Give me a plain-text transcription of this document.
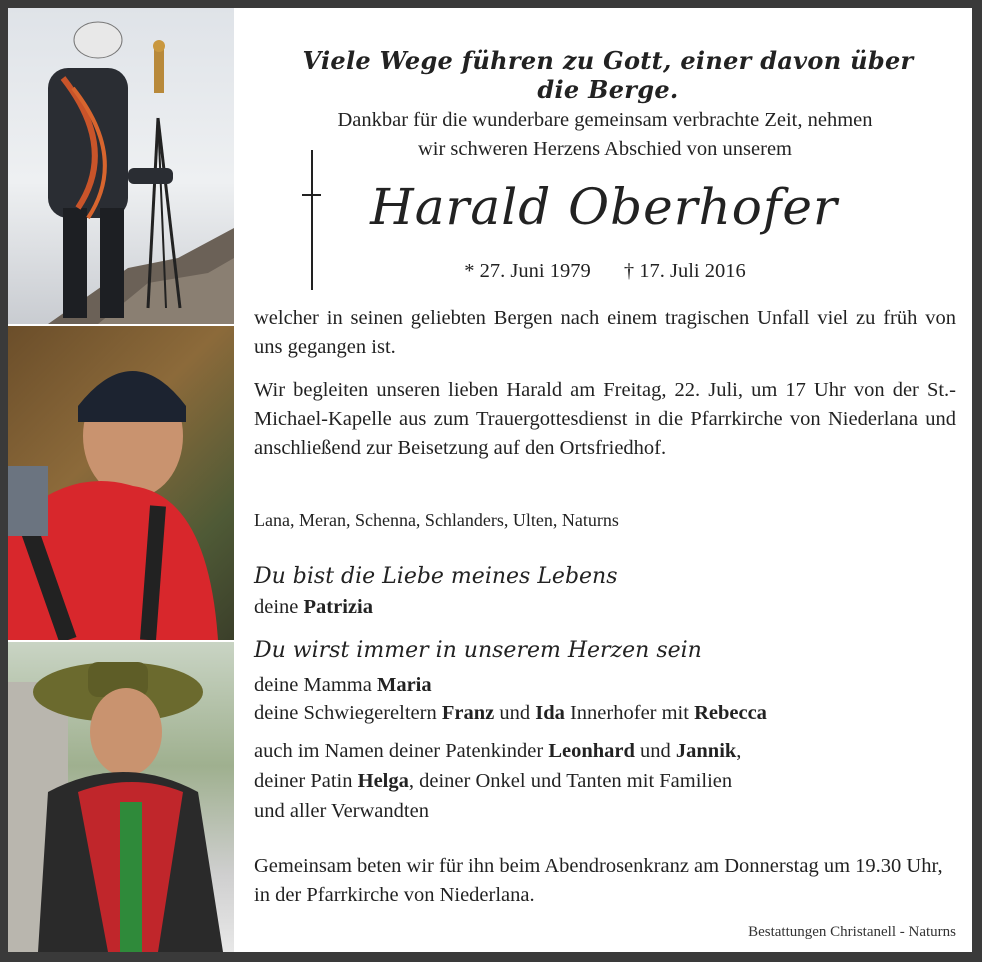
Viele Wege führen zu Gott, einer davon über die Berge.
Dankbar für die wunderbare gemeinsam verbrachte Zeit, nehmen
wir schweren Herzens Abschied von unserem
Harald Oberhofer
* 27. Juni 1979 † 17. Juli 2016
welcher in seinen geliebten Bergen nach einem tragischen Unfall viel zu früh von uns gegangen ist.
Wir begleiten unseren lieben Harald am Freitag, 22. Juli, um 17 Uhr von der St.-Michael-Kapelle aus zum Trauergottesdienst in die Pfarrkirche von Niederlana und anschließend zur Beisetzung auf den Ortsfriedhof.
Lana, Meran, Schenna, Schlanders, Ulten, Naturns
Du bist die Liebe meines Lebens
deine Patrizia
Du wirst immer in unserem Herzen sein
deine Mamma Maria
deine Schwiegereltern Franz und Ida Innerhofer mit Rebecca
auch im Namen deiner Patenkinder Leonhard und Jannik,
deiner Patin Helga, deiner Onkel und Tanten mit Familien
und aller Verwandten
Gemeinsam beten wir für ihn beim Abendrosenkranz am Donnerstag um 19.30 Uhr, in der Pfarrkirche von Niederlana.
Bestattungen Christanell - Naturns
